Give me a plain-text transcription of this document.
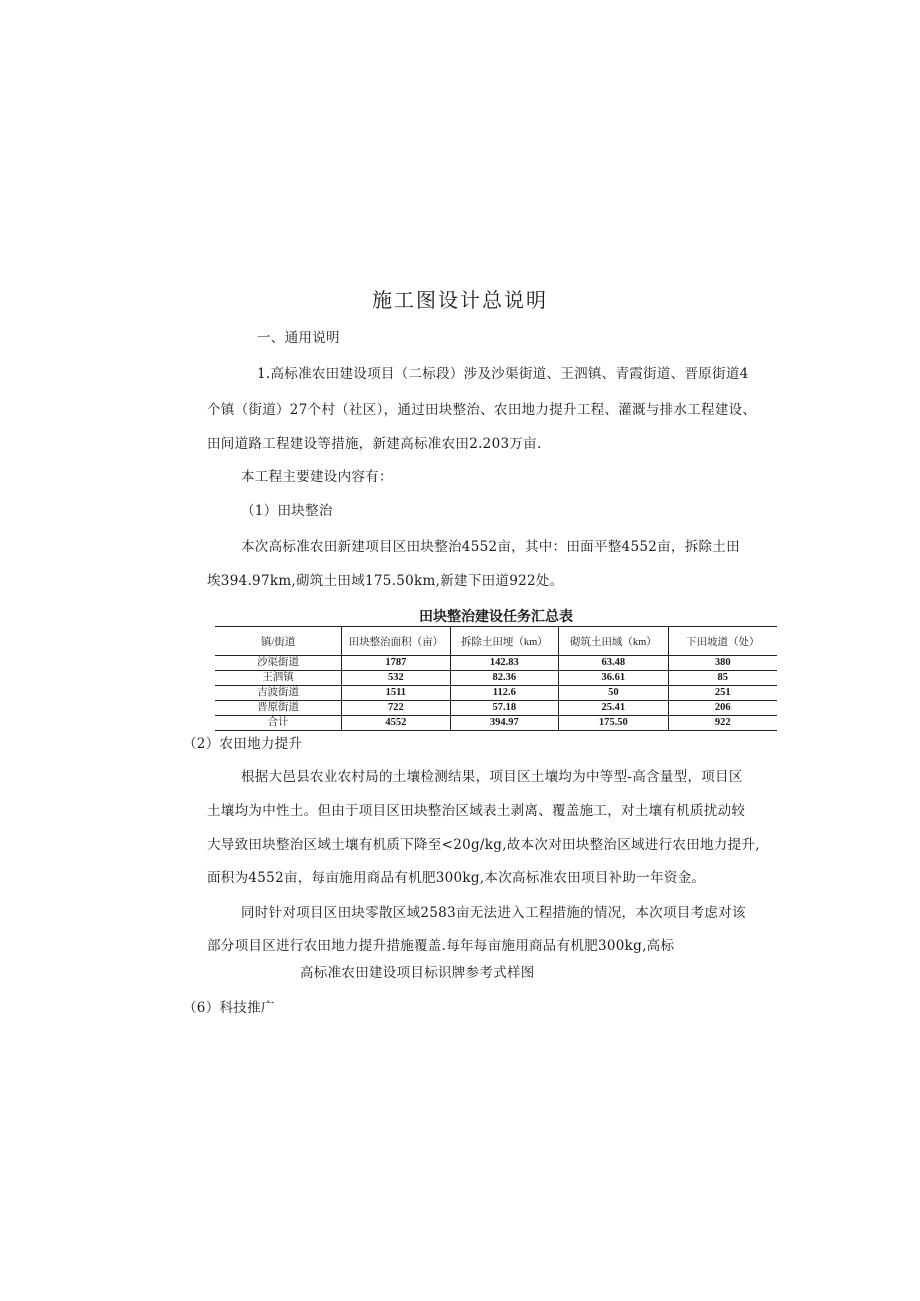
施工图设计总说明
一、通用说明
1.高标准农田建设项目（二标段）涉及沙渠街道、王泗镇、青霞街道、晋原街道4
个镇（街道）27个村（社区），通过田块整治、农田地力提升工程、灌溉与排水工程建设、
田间道路工程建设等措施，新建高标准农田2.203万亩.
本工程主要建设内容有：
（1）田块整治
本次高标准农田新建项目区田块整治4552亩，其中：田面平整4552亩，拆除土田
埃394.97km,砌筑土田域175.50km,新建下田道922处。
田块整治建设任务汇总表
镇/街道	田块整治面积（亩）	拆除土田埂（km）	砌筑土田域（km）	下田坡道（处）
沙渠街道	1787	142.83	63.48	380
王泗镇	532	82.36	36.61	85
吉波街道	1511	112.6	50	251
晋原街道	722	57.18	25.41	206
合计	4552	394.97	175.50	922
（2）农田地力提升
根据大邑县农业农村局的土壤检测结果，项目区土壤均为中等型-高含量型，项目区
土壤均为中性土。但由于项目区田块整治区域表土剥离、覆盖施工，对土壤有机质扰动较
大导致田块整治区域土壤有机质下降至<20g/kg,故本次对田块整治区域进行农田地力提升,
面积为4552亩，每亩施用商品有机肥300kg,本次高标准农田项目补助一年资金。
同时针对项目区田块零散区域2583亩无法进入工程措施的情况，本次项目考虑对该
部分项目区进行农田地力提升措施覆盖.每年每亩施用商品有机肥300kg,高标
高标准农田建设项目标识牌参考式样图
（6）科技推广
